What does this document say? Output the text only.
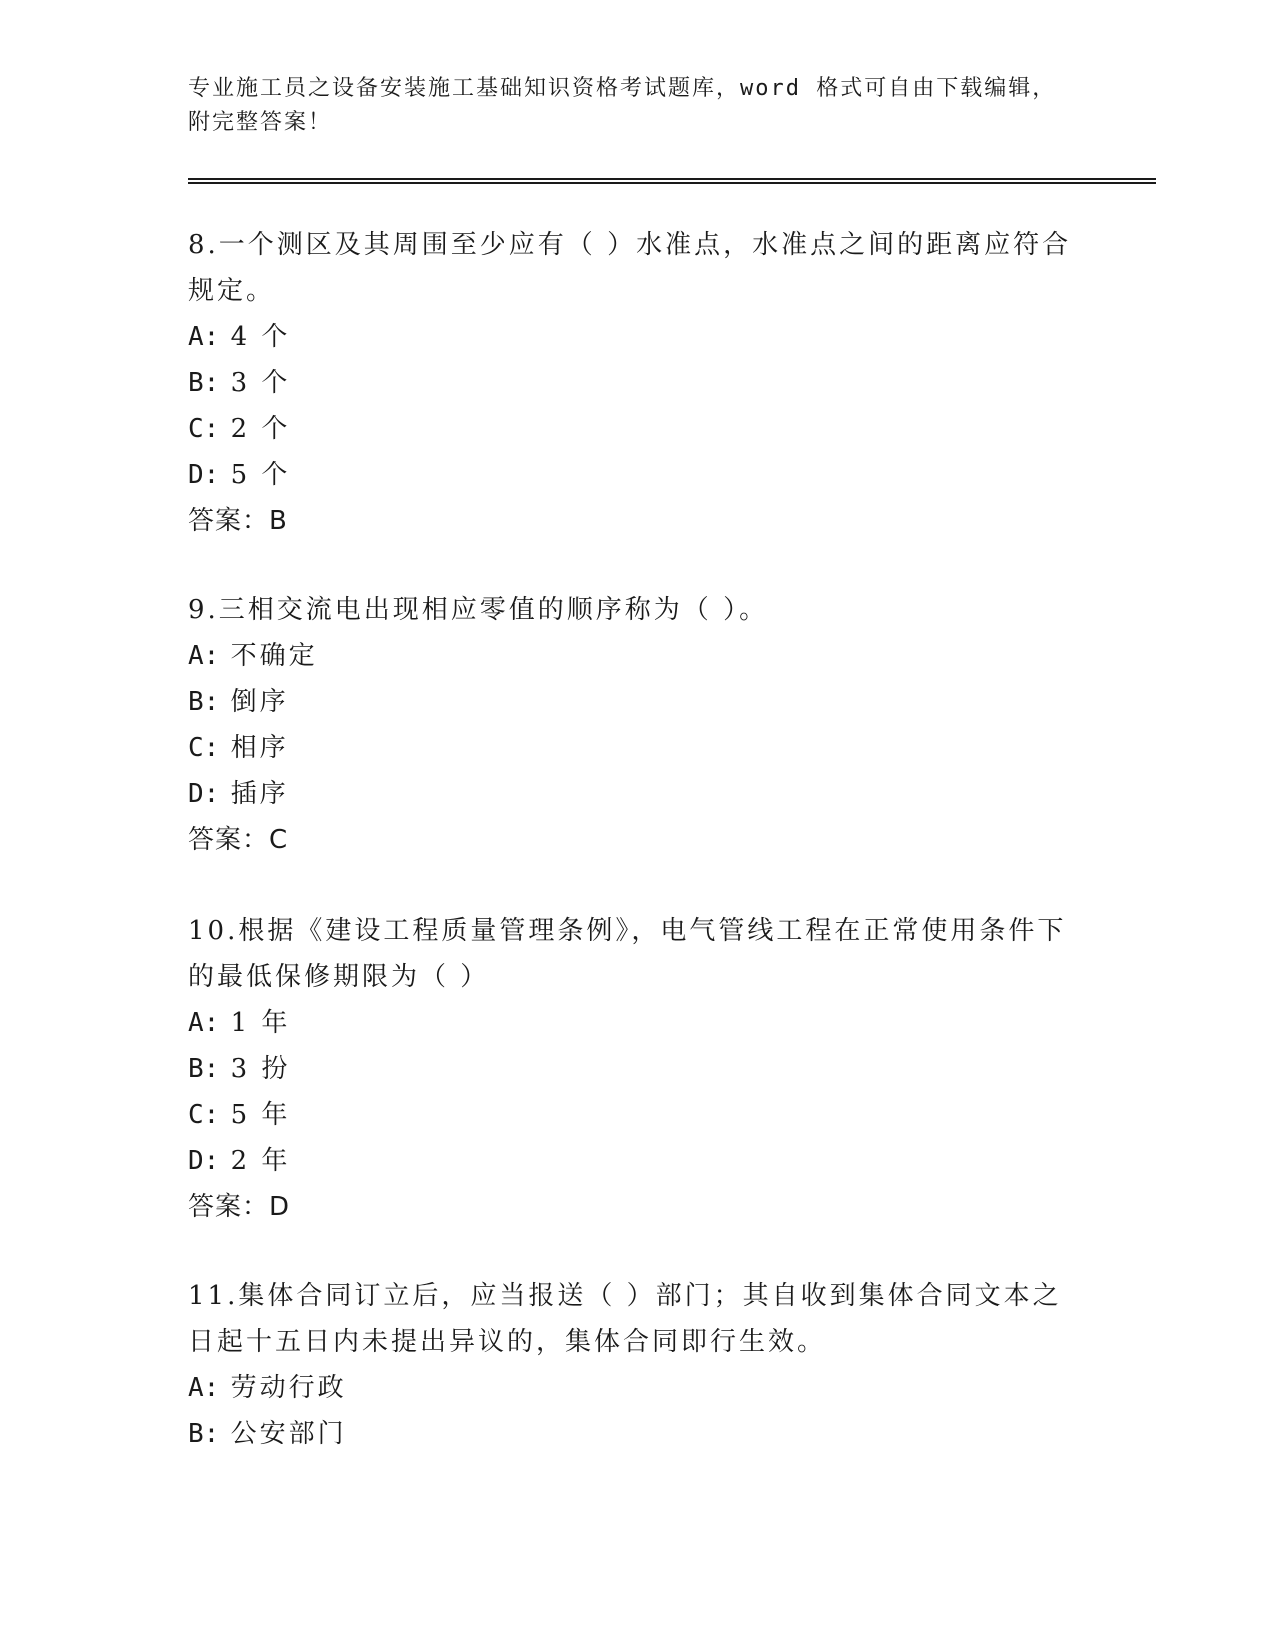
专业施工员之设备安装施工基础知识资格考试题库，word 格式可自由下载编辑，
附完整答案！
8.一个测区及其周围至少应有（ ）水准点，水准点之间的距离应符合
规定。
A: 4 个
B: 3 个
C: 2 个
D: 5 个
答案：B
9.三相交流电出现相应零值的顺序称为（ ）。
A: 不确定
B: 倒序
C: 相序
D: 插序
答案：C
10.根据《建设工程质量管理条例》，电气管线工程在正常使用条件下
的最低保修期限为（ ）
A: 1 年
B: 3 扮
C: 5 年
D: 2 年
答案：D
11.集体合同订立后，应当报送（ ）部门；其自收到集体合同文本之
日起十五日内未提出异议的，集体合同即行生效。
A: 劳动行政
B: 公安部门
